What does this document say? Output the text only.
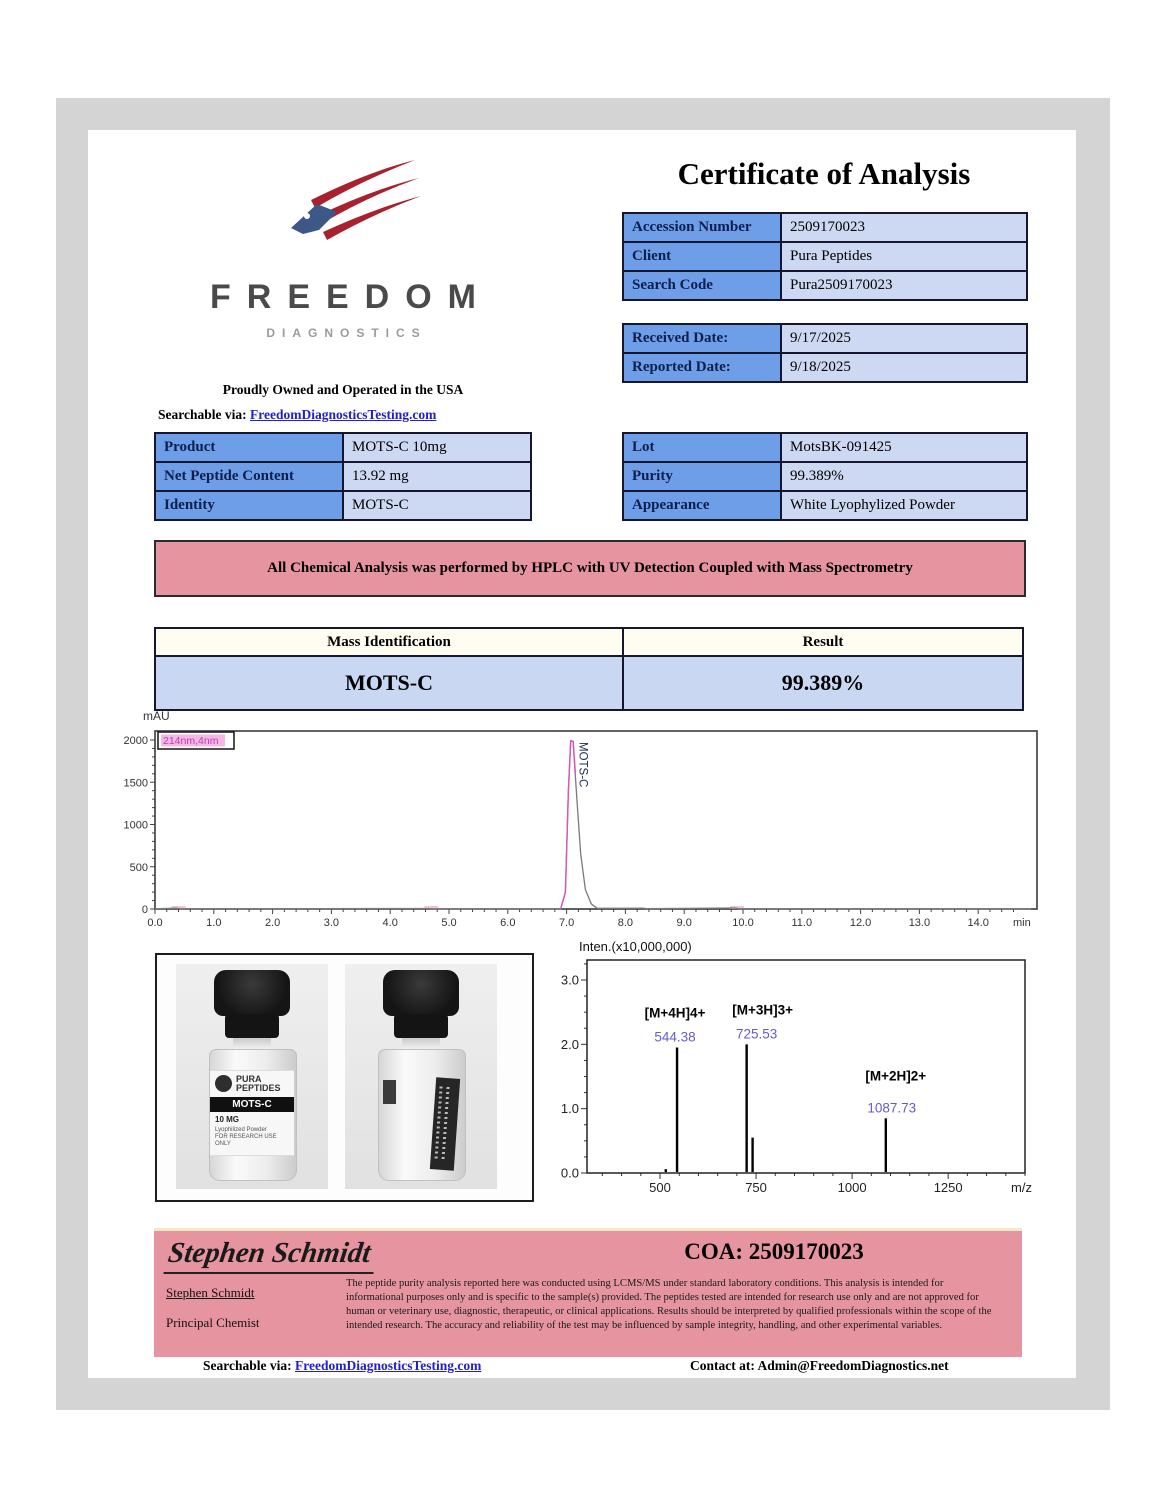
FREEDOM
DIAGNOSTICS
Proudly Owned and Operated in the USA
Searchable via: FreedomDiagnosticsTesting.com
Certificate of Analysis
Accession Number	2509170023
Client	Pura Peptides
Search Code	Pura2509170023
Received Date:	9/17/2025
Reported Date:	9/18/2025
Product	MOTS-C 10mg
Net Peptide Content	13.92 mg
Identity	MOTS-C
Lot	MotsBK-091425
Purity	99.389%
Appearance	White Lyophylized Powder
All Chemical Analysis was performed by HPLC with UV Detection Coupled with Mass Spectrometry
Mass Identification	Result
MOTS-C	99.389%
0
500
1000
1500
2000
0.0	1.0	2.0	3.0	4.0	5.0	6.0	7.0	8.0	9.0	10.0	11.0	12.0	13.0	14.0 min
mAU
214nm,4nm
MOTS-C
PURA PEPTIDES
MOTS-C
10 MG
Lyophilized Powder
FOR RESEARCH USE ONLY
Inten.(x10,000,000)
0.0
1.0
2.0
3.0
500	750	1000	1250	m/z
[M+4H]4+
544.38
[M+3H]3+
725.53
[M+2H]2+
1087.73
Stephen Schmidt	COA: 2509170023
Stephen Schmidt
Principal Chemist
The peptide purity analysis reported here was conducted using LCMS/MS under standard laboratory conditions. This analysis is intended for informational purposes only and is specific to the sample(s) provided. The peptides tested are intended for research use only and are not approved for human or veterinary use, diagnostic, therapeutic, or clinical applications. Results should be interpreted by qualified professionals within the scope of the intended research. The accuracy and reliability of the test may be influenced by sample integrity, handling, and other experimental variables.
Searchable via: FreedomDiagnosticsTesting.com	Contact at: Admin@FreedomDiagnostics.net
